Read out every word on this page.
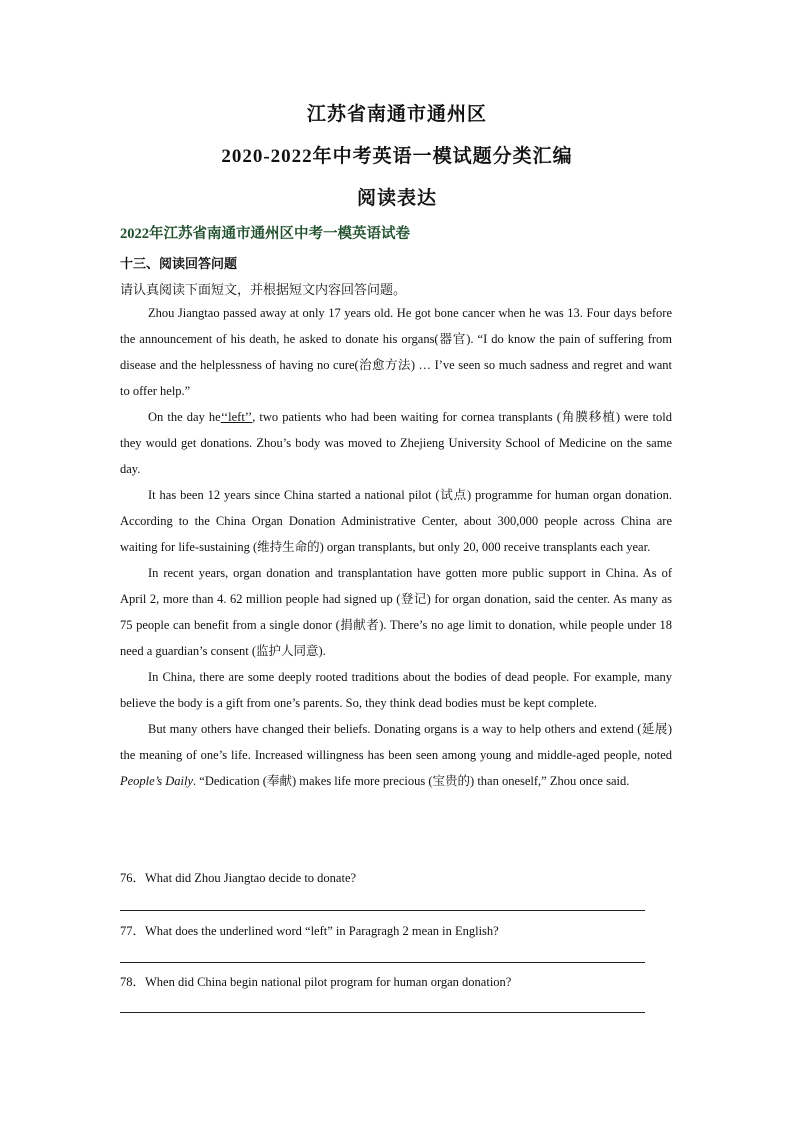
江苏省南通市通州区
2020-2022年中考英语一模试题分类汇编
阅读表达
2022年江苏省南通市通州区中考一模英语试卷
十三、阅读回答问题
请认真阅读下面短文，并根据短文内容回答问题。

Zhou Jiangtao passed away at only 17 years old. He got bone cancer when he was 13. Four days before the announcement of his death, he asked to donate his organs(器官). “I do know the pain of suffering from disease and the helplessness of having no cure(治愈方法) … I’ve seen so much sadness and regret and want to offer help.”

On the day he‘‘left’’, two patients who had been waiting for cornea transplants (角膜移植) were told they would get donations. Zhou’s body was moved to Zhejieng University School of Medicine on the same day.

It has been 12 years since China started a national pilot (试点) programme for human organ donation. According to the China Organ Donation Administrative Center, about 300,000 people across China are waiting for life-sustaining (维持生命的) organ transplants, but only 20, 000 receive transplants each year.

In recent years, organ donation and transplantation have gotten more public support in China. As of April 2, more than 4. 62 million people had signed up (登记) for organ donation, said the center. As many as 75 people can benefit from a single donor (捐献者). There’s no age limit to donation, while people under 18 need a guardian’s consent (监护人同意).

In China, there are some deeply rooted traditions about the bodies of dead people. For example, many believe the body is a gift from one’s parents. So, they think dead bodies must be kept complete.

But many others have changed their beliefs. Donating organs is a way to help others and extend (延展) the meaning of one’s life. Increased willingness has been seen among young and middle-aged people, noted People’s Daily. “Dedication (奉献) makes life more precious (宝贵的) than oneself,” Zhou once said.

76．What did Zhou Jiangtao decide to donate?
77．What does the underlined word “left” in Paragragh 2 mean in English?
78．When did China begin national pilot program for human organ donation?
